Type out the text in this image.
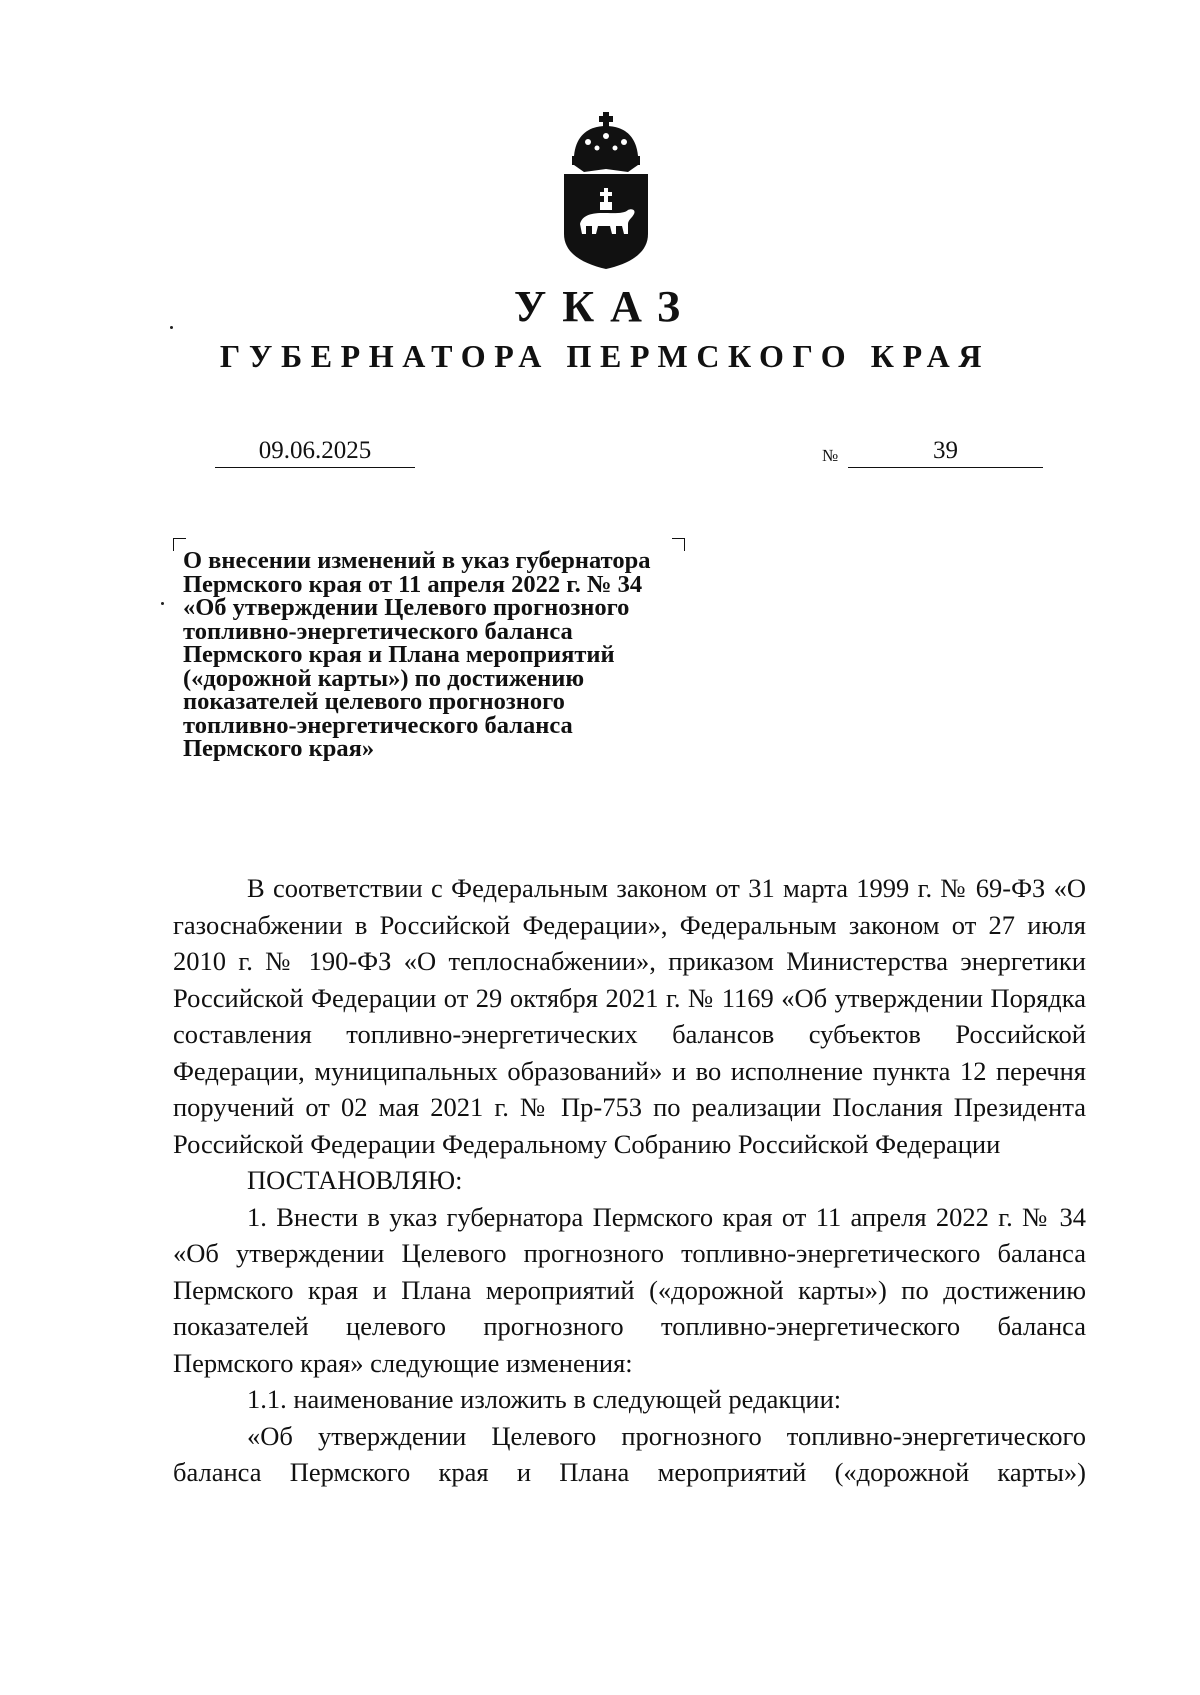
УКАЗ
ГУБЕРНАТОРА ПЕРМСКОГО КРАЯ
09.06.2025	№	39
О внесении изменений в указ губернатора
Пермского края от 11 апреля 2022 г. № 34
«Об утверждении Целевого прогнозного
топливно-энергетического баланса
Пермского края и Плана мероприятий
(«дорожной карты») по достижению
показателей целевого прогнозного
топливно-энергетического баланса
Пермского края»

В соответствии с Федеральным законом от 31 марта 1999 г. № 69-ФЗ «О газоснабжении в Российской Федерации», Федеральным законом от 27 июля 2010 г. № 190-ФЗ «О теплоснабжении», приказом Министерства энергетики Российской Федерации от 29 октября 2021 г. № 1169 «Об утверждении Порядка составления топливно-энергетических балансов субъектов Российской Федерации, муниципальных образований» и во исполнение пункта 12 перечня поручений от 02 мая 2021 г. № Пр-753 по реализации Послания Президента Российской Федерации Федеральному Собранию Российской Федерации

ПОСТАНОВЛЯЮ:

1. Внести в указ губернатора Пермского края от 11 апреля 2022 г. № 34 «Об утверждении Целевого прогнозного топливно-энергетического баланса Пермского края и Плана мероприятий («дорожной карты») по достижению показателей целевого прогнозного топливно-энергетического баланса Пермского края» следующие изменения:

1.1. наименование изложить в следующей редакции:

«Об утверждении Целевого прогнозного топливно-энергетического баланса Пермского края и Плана мероприятий («дорожной карты»)
